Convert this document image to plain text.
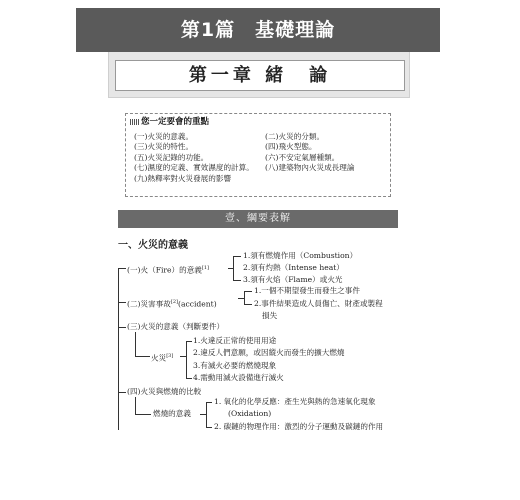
第1篇　基礎理論
第一章 緒　論
您一定要會的重點
(一)火災的意義。
(三)火災的特性。
(五)火災記錄的功能。
(七)濕度的定義、實效濕度的計算。
(九)熱釋率對火災發展的影響
(二)火災的分類。
(四)飛火型態。
(六)不安定氣層種類。
(八)建築物內火災成長理論
壹、綱要表解
一、火災的意義
(一)火（Fire）的意義[1]
1.須有燃燒作用（Combustion）
2.須有灼熱（Intense heat）
3.須有火焰（Flame）或火光
(二)災害事故[2](accident)
1.一個不期望發生而發生之事件
2.事件結果造成人員傷亡、財產或製程
損失
(三)火災的意義（判斷要件）
火災[3]
1.火違反正常的使用用途
2.違反人們意願，或因縱火而發生的擴大燃燒
3.有滅火必要的燃燒現象
4.需動用滅火設備進行滅火
(四)火災與燃燒的比較
燃燒的意義
1. 氧化的化學反應：產生光與熱的急速氧化現象
(Oxidation)
2. 碳鏈的物理作用：激烈的分子運動及碳鏈的作用
